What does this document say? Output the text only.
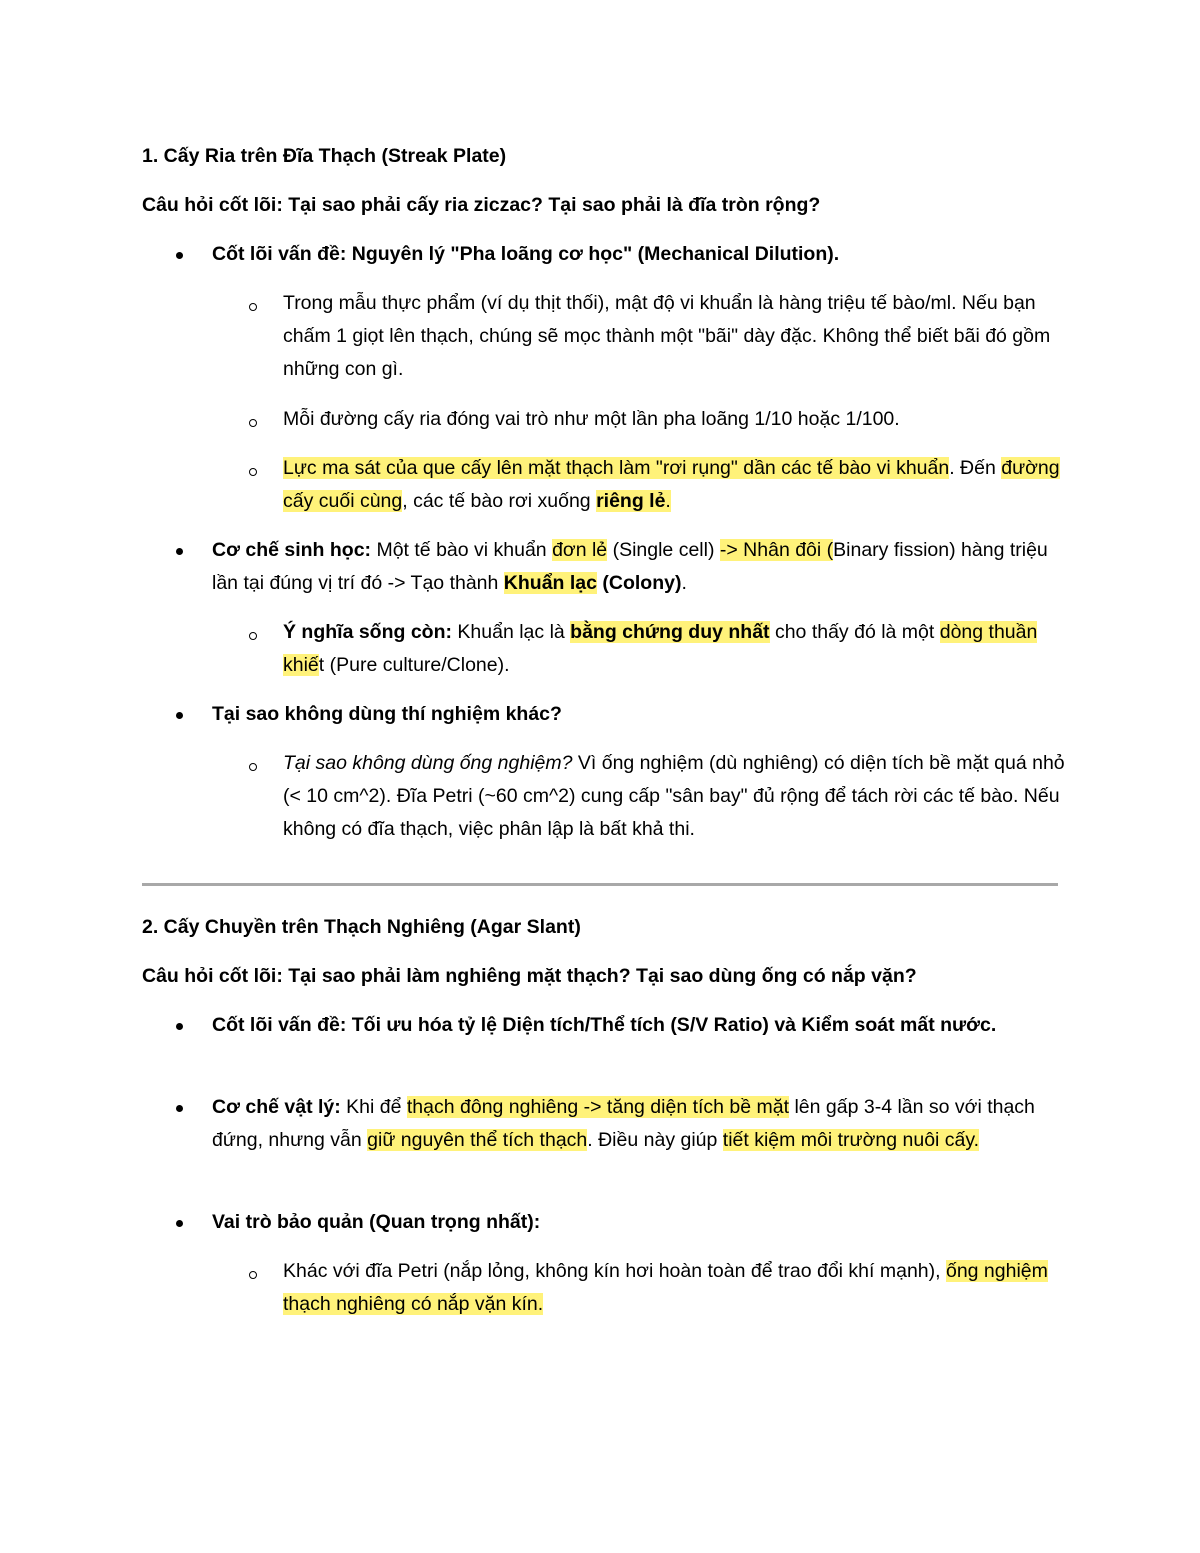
1. Cấy Ria trên Đĩa Thạch (Streak Plate)
Câu hỏi cốt lõi: Tại sao phải cấy ria ziczac? Tại sao phải là đĩa tròn rộng?
Cốt lõi vấn đề: Nguyên lý "Pha loãng cơ học" (Mechanical Dilution).
Trong mẫu thực phẩm (ví dụ thịt thối), mật độ vi khuẩn là hàng triệu tế bào/ml. Nếu bạn chấm 1 giọt lên thạch, chúng sẽ mọc thành một "bãi" dày đặc. Không thể biết bãi đó gồm những con gì.
Mỗi đường cấy ria đóng vai trò như một lần pha loãng 1/10 hoặc 1/100.
Lực ma sát của que cấy lên mặt thạch làm "rơi rụng" dần các tế bào vi khuẩn. Đến đường cấy cuối cùng, các tế bào rơi xuống riêng lẻ.
Cơ chế sinh học: Một tế bào vi khuẩn đơn lẻ (Single cell) -> Nhân đôi (Binary fission) hàng triệu lần tại đúng vị trí đó -> Tạo thành Khuẩn lạc (Colony).
Ý nghĩa sống còn: Khuẩn lạc là bằng chứng duy nhất cho thấy đó là một dòng thuần khiết (Pure culture/Clone).
Tại sao không dùng thí nghiệm khác?
Tại sao không dùng ống nghiệm? Vì ống nghiệm (dù nghiêng) có diện tích bề mặt quá nhỏ (< 10 cm^2). Đĩa Petri (~60 cm^2) cung cấp "sân bay" đủ rộng để tách rời các tế bào. Nếu không có đĩa thạch, việc phân lập là bất khả thi.
2. Cấy Chuyền trên Thạch Nghiêng (Agar Slant)
Câu hỏi cốt lõi: Tại sao phải làm nghiêng mặt thạch? Tại sao dùng ống có nắp vặn?
Cốt lõi vấn đề: Tối ưu hóa tỷ lệ Diện tích/Thể tích (S/V Ratio) và Kiểm soát mất nước.
Cơ chế vật lý: Khi để thạch đông nghiêng -> tăng diện tích bề mặt lên gấp 3-4 lần so với thạch đứng, nhưng vẫn giữ nguyên thể tích thạch. Điều này giúp tiết kiệm môi trường nuôi cấy.
Vai trò bảo quản (Quan trọng nhất):
Khác với đĩa Petri (nắp lỏng, không kín hơi hoàn toàn để trao đổi khí mạnh), ống nghiệm thạch nghiêng có nắp vặn kín.
